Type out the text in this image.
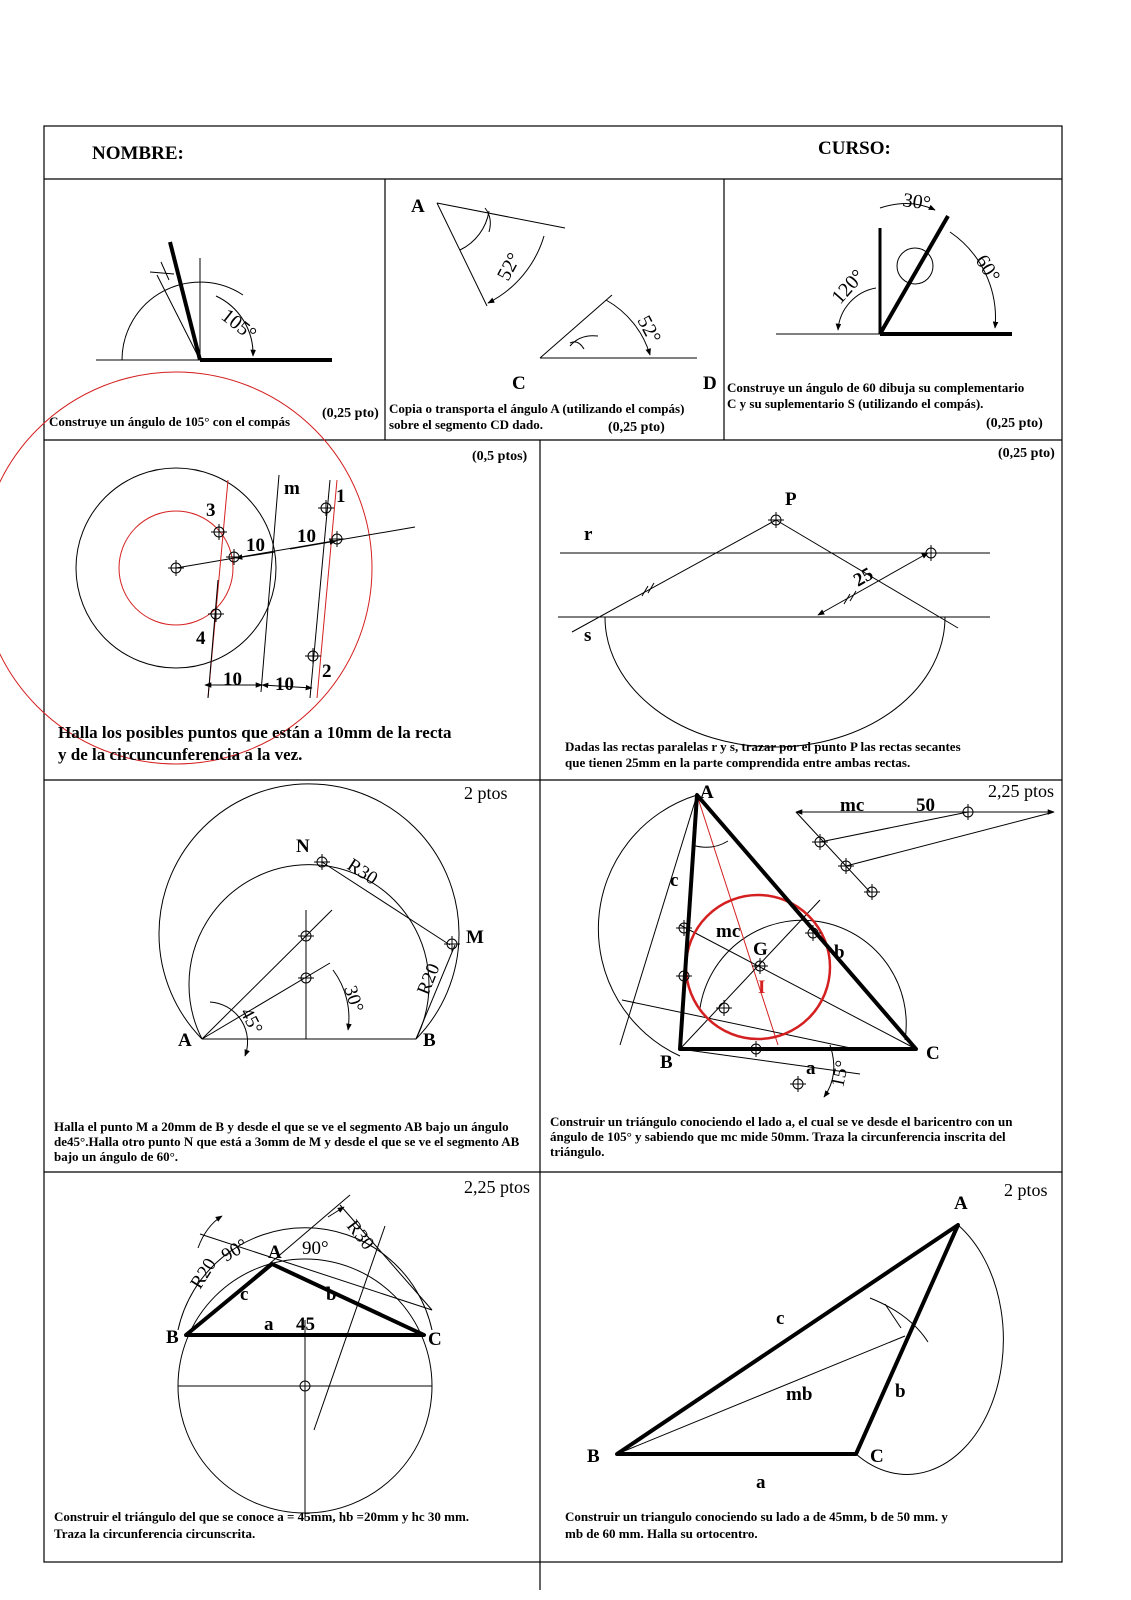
105°
A
C	D
52°
52°
30°
60°
120°
m 1
2
3
4
10 10
10 10
P
r
s
25
A	B
N
M
R30
R20
45°
30°
A
B	C
c
b
a
G
I
mc
mc	50
15°
A
B	C
a
b
c
45
R20
R30
90°	90°
A
B	C
a
b
c
mb
NOMBRE:	CURSO:
Construye un ángulo de 105° con el compás
(0,25 pto) Copia o transporta el ángulo A (utilizando el compás)
sobre el segmento CD dado.	(0,25 pto)
Construye un ángulo de 60 dibuja su complementario
C y su suplementario S (utilizando el compás).
(0,25 pto)
(0,5 ptos)
Halla los posibles puntos que están a 10mm de la recta
y de la circuncunferencia a la vez.
(0,25 pto)
Dadas las rectas paralelas r y s, trazar por el punto P las rectas secantes
que tienen 25mm en la parte comprendida entre ambas rectas.
2 ptos
Halla el punto M a 20mm de B y desde el que se ve el segmento AB bajo un ángulo
de45°.Halla otro punto N que está a 3omm de M y desde el que se ve el segmento AB
bajo un ángulo de 60°.
2,25 ptos
Construir un triángulo conociendo el lado a, el cual se ve desde el baricentro con un
ángulo de 105° y sabiendo que mc mide 50mm. Traza la circunferencia inscrita del
triángulo.
2,25 ptos
Construir el triángulo del que se conoce a = 45mm, hb =20mm y hc 30 mm.
Traza la circunferencia circunscrita.
2 ptos
Construir un triangulo conociendo su lado a de 45mm, b de 50 mm. y
mb de 60 mm. Halla su ortocentro.
